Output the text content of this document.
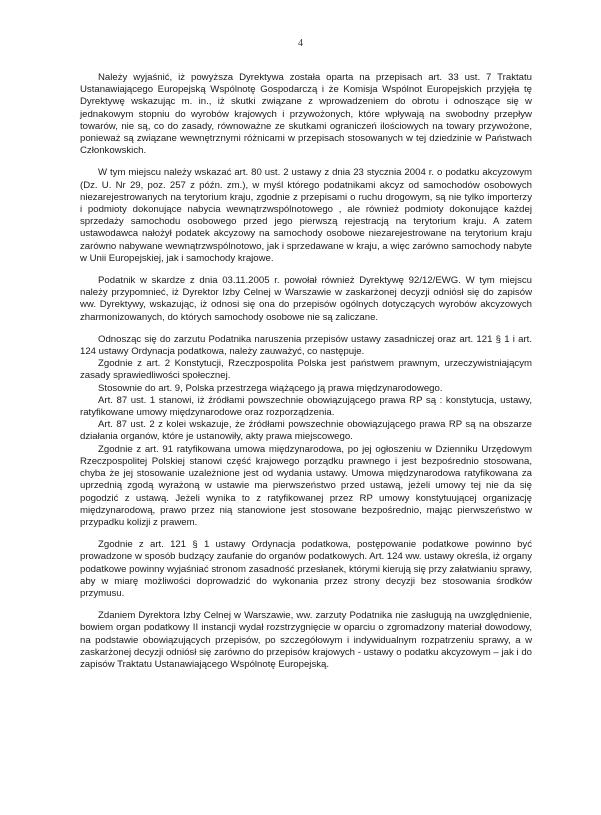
4

Należy wyjaśnić, iż powyższa Dyrektywa została oparta na przepisach art. 33 ust. 7 Traktatu Ustanawiającego Europejską Wspólnotę Gospodarczą i że Komisja Wspólnot Europejskich przyjęła tę Dyrektywę wskazując m. in., iż skutki związane z wprowadzeniem do obrotu i odnoszące się w jednakowym stopniu do wyrobów krajowych i przywożonych, które wpływają na swobodny przepływ towarów, nie są, co do zasady, równoważne ze skutkami ograniczeń ilościowych na towary przywożone, ponieważ są związane wewnętrznymi różnicami w przepisach stosowanych w tej dziedzinie w Państwach Członkowskich.

W tym miejscu należy wskazać art. 80 ust. 2 ustawy z dnia 23 stycznia 2004 r. o podatku akcyzowym (Dz. U. Nr 29, poz. 257 z późn. zm.), w myśl którego podatnikami akcyz od samochodów osobowych niezarejestrowanych na terytorium kraju, zgodnie z przepisami o ruchu drogowym, są nie tylko importerzy i podmioty dokonujące nabycia wewnątrzwspólnotowego , ale również podmioty dokonujące każdej sprzedaży samochodu osobowego przed jego pierwszą rejestracją na terytorium kraju. A zatem ustawodawca nałożył podatek akcyzowy na samochody osobowe niezarejestrowane na terytorium kraju zarówno nabywane wewnątrzwspólnotowo, jak i sprzedawane w kraju, a więc zarówno samochody nabyte w Unii Europejskiej, jak i samochody krajowe.

Podatnik w skardze z dnia 03.11.2005 r. powołał również Dyrektywę 92/12/EWG. W tym miejscu należy przypomnieć, iż Dyrektor Izby Celnej w Warszawie w zaskarżonej decyzji odniósł się do zapisów ww. Dyrektywy, wskazując, iż odnosi się ona do przepisów ogólnych dotyczących wyrobów akcyzowych zharmonizowanych, do których samochody osobowe nie są zaliczane.

Odnosząc się do zarzutu Podatnika naruszenia przepisów ustawy zasadniczej oraz art. 121 § 1 i art. 124 ustawy Ordynacja podatkowa, należy zauważyć, co następuje.

Zgodnie z art. 2 Konstytucji, Rzeczpospolita Polska jest państwem prawnym, urzeczywistniającym zasady sprawiedliwości społecznej.

Stosownie do art. 9, Polska przestrzega wiążącego ją prawa międzynarodowego.

Art. 87 ust. 1 stanowi, iż źródłami powszechnie obowiązującego prawa RP są : konstytucja, ustawy, ratyfikowane umowy międzynarodowe oraz rozporządzenia.

Art. 87 ust. 2 z kolei wskazuje, że źródłami powszechnie obowiązującego prawa RP są na obszarze działania organów, które je ustanowiły, akty prawa miejscowego.

Zgodnie z art. 91 ratyfikowana umowa międzynarodowa, po jej ogłoszeniu w Dzienniku Urzędowym Rzeczpospolitej Polskiej stanowi część krajowego porządku prawnego i jest bezpośrednio stosowana, chyba że jej stosowanie uzależnione jest od wydania ustawy. Umowa międzynarodowa ratyfikowana za uprzednią zgodą wyrażoną w ustawie ma pierwszeństwo przed ustawą, jeżeli umowy tej nie da się pogodzić z ustawą. Jeżeli wynika to z ratyfikowanej przez RP umowy konstytuującej organizację międzynarodową, prawo przez nią stanowione jest stosowane bezpośrednio, mając pierwszeństwo w przypadku kolizji z prawem.

Zgodnie z art. 121 § 1 ustawy Ordynacja podatkowa, postępowanie podatkowe powinno być prowadzone w sposób budzący zaufanie do organów podatkowych. Art. 124 ww. ustawy określa, iż organy podatkowe powinny wyjaśniać stronom zasadność przesłanek, którymi kierują się przy załatwianiu sprawy, aby w miarę możliwości doprowadzić do wykonania przez strony decyzji bez stosowania środków przymusu.

Zdaniem Dyrektora Izby Celnej w Warszawie, ww. zarzuty Podatnika nie zasługują na uwzględnienie, bowiem organ podatkowy II instancji wydał rozstrzygnięcie w oparciu o zgromadzony materiał dowodowy, na podstawie obowiązujących przepisów, po szczegółowym i indywidualnym rozpatrzeniu sprawy, a w zaskarżonej decyzji odniósł się zarówno do przepisów krajowych - ustawy o podatku akcyzowym – jak i do zapisów Traktatu Ustanawiającego Wspólnotę Europejską.
